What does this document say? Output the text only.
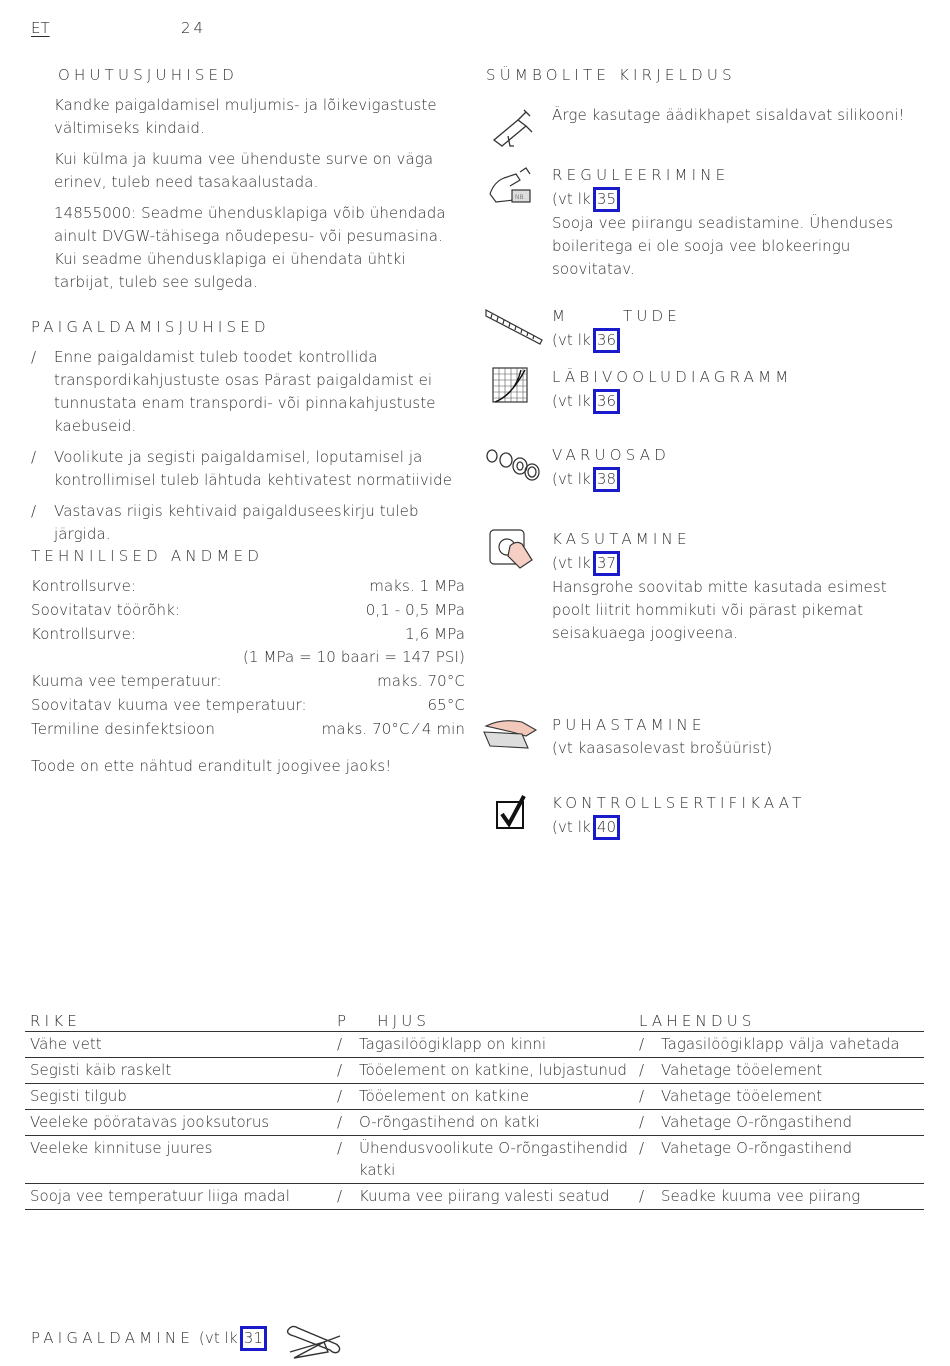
ET	24
OHUTUSJUHISED
Kandke paigaldamisel muljumis- ja lõikevigastuste vältimiseks kindaid.
Kui külma ja kuuma vee ühenduste surve on väga erinev, tuleb need tasakaalustada.
14855000: Seadme ühendusklapiga võib ühendada ainult DVGW-tähisega nõudepesu- või pesumasina. Kui seadme ühendusklapiga ei ühendata ühtki tarbijat, tuleb see sulgeda.
PAIGALDAMISJUHISED
/ Enne paigaldamist tuleb toodet kontrollida transpordikahjustuste osas Pärast paigaldamist ei tunnustata enam transpordi- või pinnakahjustuste kaebuseid.
/ Voolikute ja segisti paigaldamisel, loputamisel ja kontrollimisel tuleb lähtuda kehtivatest normatiivide
/ Vastavas riigis kehtivaid paigalduseeskirju tuleb järgida.
TEHNILISED ANDMED
Kontrollsurve:	maks. 1 MPa
Soovitatav töörõhk:	0,1 - 0,5 MPa
Kontrollsurve:	1,6 MPa
(1 MPa = 10 baari = 147 PSI)
Kuuma vee temperatuur:	maks. 70°C
Soovitatav kuuma vee temperatuur:	65°C
Termiline desinfektsioon	maks. 70°C ⁄ 4 min
Toode on ette nähtud eranditult joogivee jaoks!
SÜMBOLITE KIRJELDUS
Ärge kasutage äädikhapet sisaldavat silikooni!
NB
REGULEERIMINE
(vt lk 35
Sooja vee piirangu seadistamine. Ühenduses boileritega ei ole sooja vee blokeeringu soovitatav.
M      TUDE
(vt lk 36
LÄBIVOOLUDIAGRAMM
(vt lk 36
VARUOSAD
(vt lk 38
KASUTAMINE
(vt lk 37
Hansgrohe soovitab mitte kasutada esimest poolt liitrit hommikuti või pärast pikemat seisakuaega joogiveena.
PUHASTAMINE
(vt kaasasolevast brošüürist)
KONTROLLSERTIFIKAAT
(vt lk 40
RIKE	P   HJUS	LAHENDUS
Vähe vett	/ Tagasilöögiklapp on kinni	/ Tagasilöögiklapp välja vahetada

Segisti käib raskelt	/ Tööelement on katkine, lubjastunud	/ Vahetage tööelement

Segisti tilgub	/ Tööelement on katkine	/ Vahetage tööelement

Veeleke pööratavas jooksutorus	/ O-rõngastihend on katki	/ Vahetage O-rõngastihend

Veeleke kinnituse juures	/ Ühendusvoolikute O-rõngastihendid katki	/ Vahetage O-rõngastihend

Sooja vee temperatuur liiga madal	/ Kuuma vee piirang valesti seatud	/ Seadke kuuma vee piirang
PAIGALDAMINE (vt lk 31
